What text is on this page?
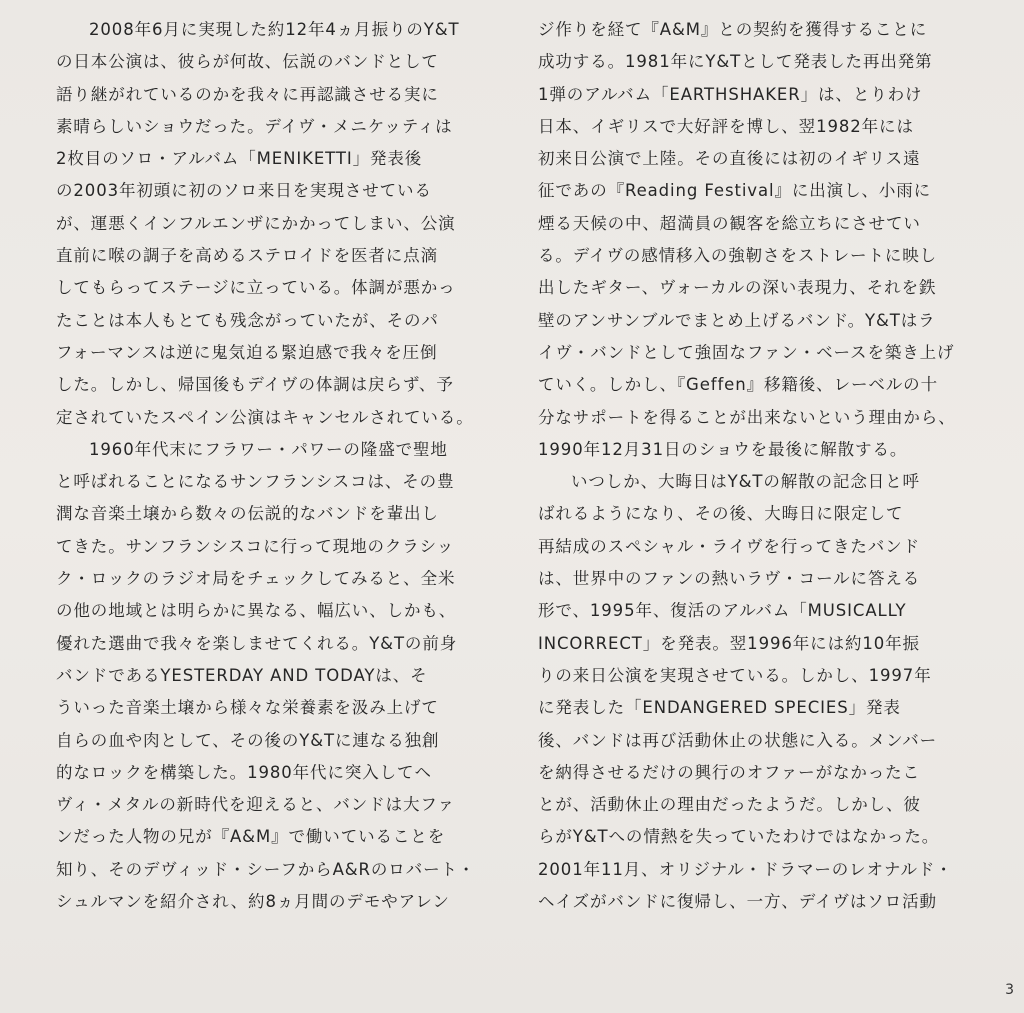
2008年6月に実現した約12年4ヵ月振りのY&T
の日本公演は、彼らが何故、伝説のバンドとして
語り継がれているのかを我々に再認識させる実に
素晴らしいショウだった。デイヴ・メニケッティは
2枚目のソロ・アルバム「MENIKETTI」発表後
の2003年初頭に初のソロ来日を実現させている
が、運悪くインフルエンザにかかってしまい、公演
直前に喉の調子を高めるステロイドを医者に点滴
してもらってステージに立っている。体調が悪かっ
たことは本人もとても残念がっていたが、そのパ
フォーマンスは逆に鬼気迫る緊迫感で我々を圧倒
した。しかし、帰国後もデイヴの体調は戻らず、予
定されていたスペイン公演はキャンセルされている。
1960年代末にフラワー・パワーの隆盛で聖地
と呼ばれることになるサンフランシスコは、その豊
潤な音楽土壌から数々の伝説的なバンドを輩出し
てきた。サンフランシスコに行って現地のクラシッ
ク・ロックのラジオ局をチェックしてみると、全米
の他の地域とは明らかに異なる、幅広い、しかも、
優れた選曲で我々を楽しませてくれる。Y&Tの前身
バンドであるYESTERDAY AND TODAYは、そ
ういった音楽土壌から様々な栄養素を汲み上げて
自らの血や肉として、その後のY&Tに連なる独創
的なロックを構築した。1980年代に突入してヘ
ヴィ・メタルの新時代を迎えると、バンドは大ファ
ンだった人物の兄が『A&M』で働いていることを
知り、そのデヴィッド・シーフからA&Rのロバート・
シュルマンを紹介され、約8ヵ月間のデモやアレン
ジ作りを経て『A&M』との契約を獲得することに
成功する。1981年にY&Tとして発表した再出発第
1弾のアルバム「EARTHSHAKER」は、とりわけ
日本、イギリスで大好評を博し、翌1982年には
初来日公演で上陸。その直後には初のイギリス遠
征であの『Reading Festival』に出演し、小雨に
煙る天候の中、超満員の観客を総立ちにさせてい
る。デイヴの感情移入の強靭さをストレートに映し
出したギター、ヴォーカルの深い表現力、それを鉄
壁のアンサンブルでまとめ上げるバンド。Y&Tはラ
イヴ・バンドとして強固なファン・ベースを築き上げ
ていく。しかし、『Geffen』移籍後、レーベルの十
分なサポートを得ることが出来ないという理由から、
1990年12月31日のショウを最後に解散する。
いつしか、大晦日はY&Tの解散の記念日と呼
ばれるようになり、その後、大晦日に限定して
再結成のスペシャル・ライヴを行ってきたバンド
は、世界中のファンの熱いラヴ・コールに答える
形で、1995年、復活のアルバム「MUSICALLY
INCORRECT」を発表。翌1996年には約10年振
りの来日公演を実現させている。しかし、1997年
に発表した「ENDANGERED SPECIES」発表
後、バンドは再び活動休止の状態に入る。メンバー
を納得させるだけの興行のオファーがなかったこ
とが、活動休止の理由だったようだ。しかし、彼
らがY&Tへの情熱を失っていたわけではなかった。
2001年11月、オリジナル・ドラマーのレオナルド・
ヘイズがバンドに復帰し、一方、デイヴはソロ活動
3
